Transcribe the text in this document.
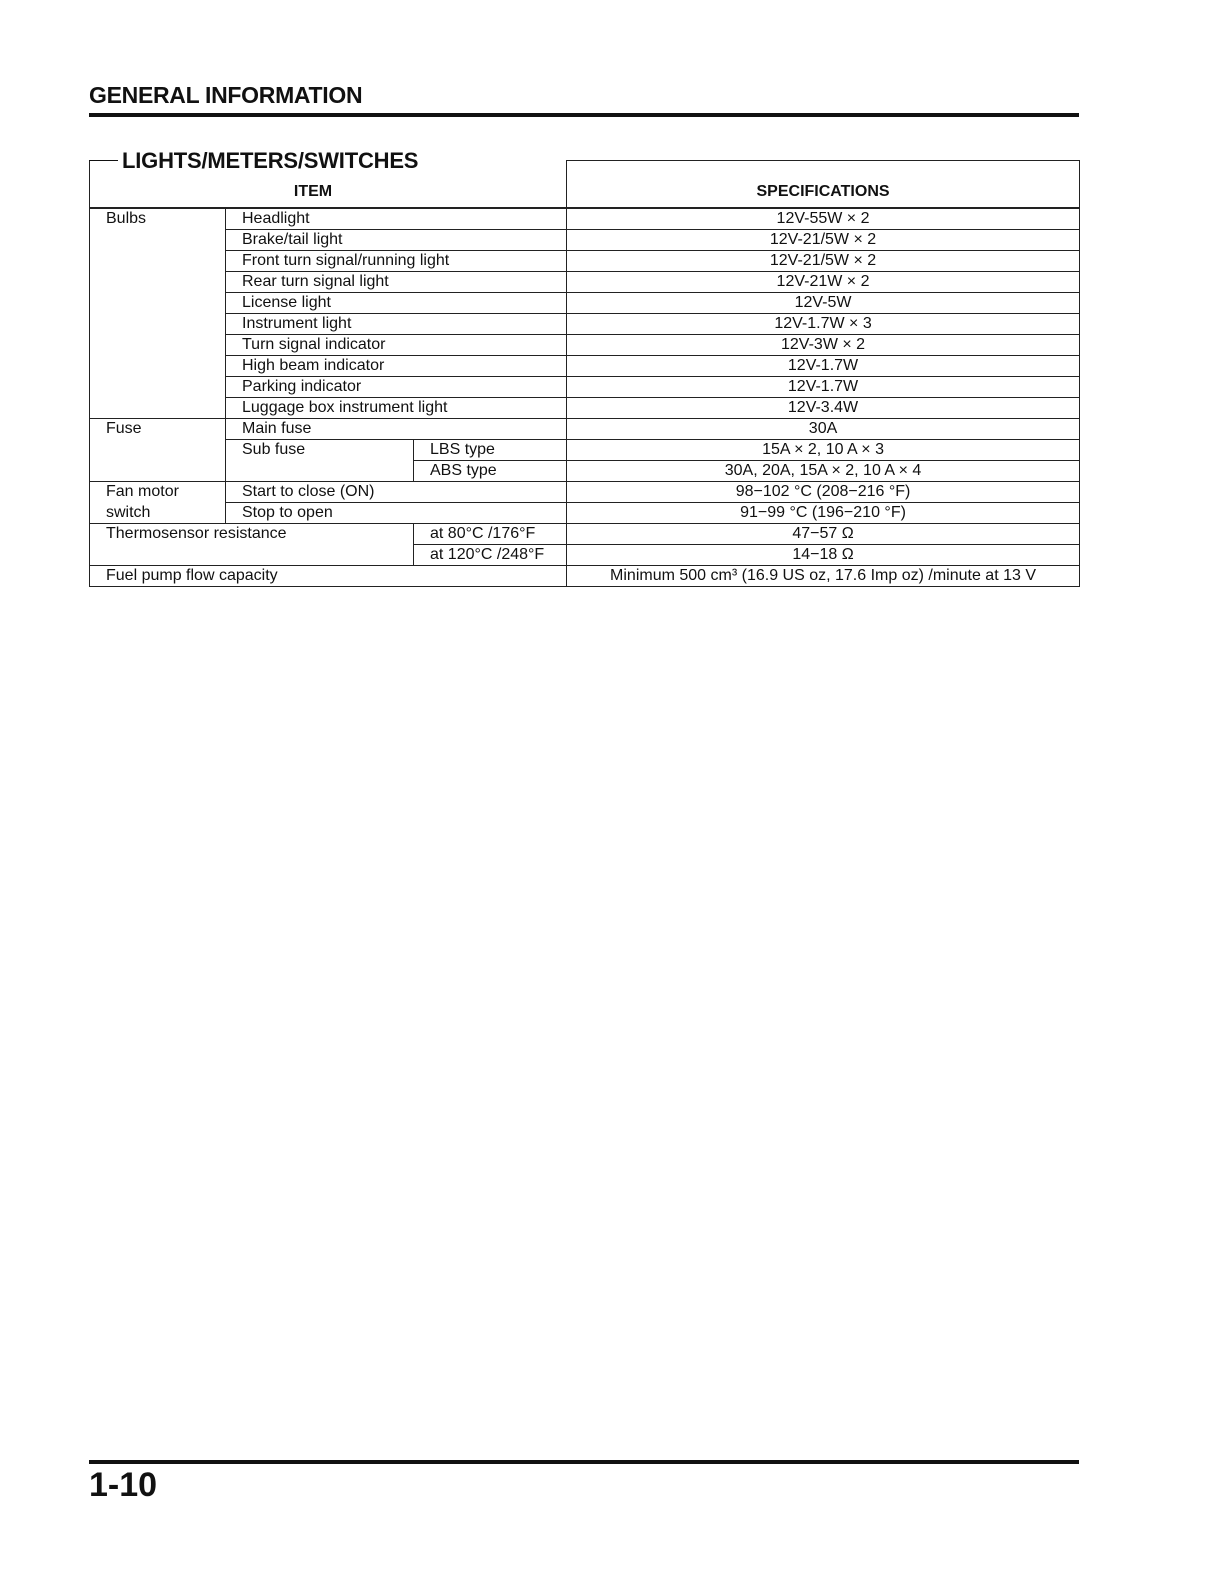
GENERAL INFORMATION
LIGHTS/METERS/SWITCHES
ITEM			SPECIFICATIONS
Bulbs	Headlight		12V-55W × 2
	Brake/tail light		12V-21/5W × 2
	Front turn signal/running light		12V-21/5W × 2
	Rear turn signal light		12V-21W × 2
	License light		12V-5W
	Instrument light		12V-1.7W × 3
	Turn signal indicator		12V-3W × 2
	High beam indicator		12V-1.7W
	Parking indicator		12V-1.7W
	Luggage box instrument light		12V-3.4W
Fuse	Main fuse		30A
	Sub fuse	LBS type	15A × 2, 10 A × 3
		ABS type	30A, 20A, 15A × 2, 10 A × 4
Fan motor	Start to close (ON)		98−102 °C (208−216 °F)
switch	Stop to open		91−99 °C (196−210 °F)
Thermosensor resistance		at 80°C /176°F	47−57 Ω
		at 120°C /248°F	14−18 Ω
Fuel pump flow capacity			Minimum 500 cm³ (16.9 US oz, 17.6 Imp oz) /minute at 13 V
1-10
